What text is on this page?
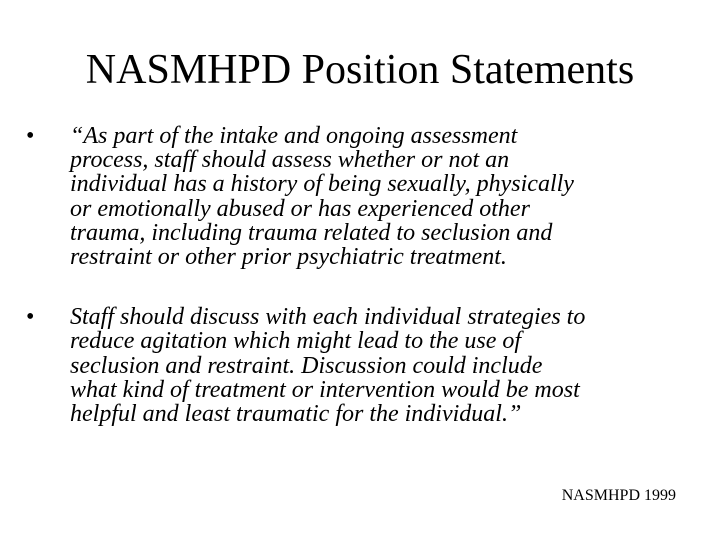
NASMHPD Position Statements
•	“As part of the intake and ongoing assessment
process, staff should assess whether or not an
individual has a history of being sexually, physically
or emotionally abused or has experienced other
trauma, including trauma related to seclusion and
restraint or other prior psychiatric treatment.
•	Staff should discuss with each individual strategies to
reduce agitation which might lead to the use of
seclusion and restraint. Discussion could include
what kind of treatment or intervention would be most
helpful and least traumatic for the individual.”
NASMHPD 1999
